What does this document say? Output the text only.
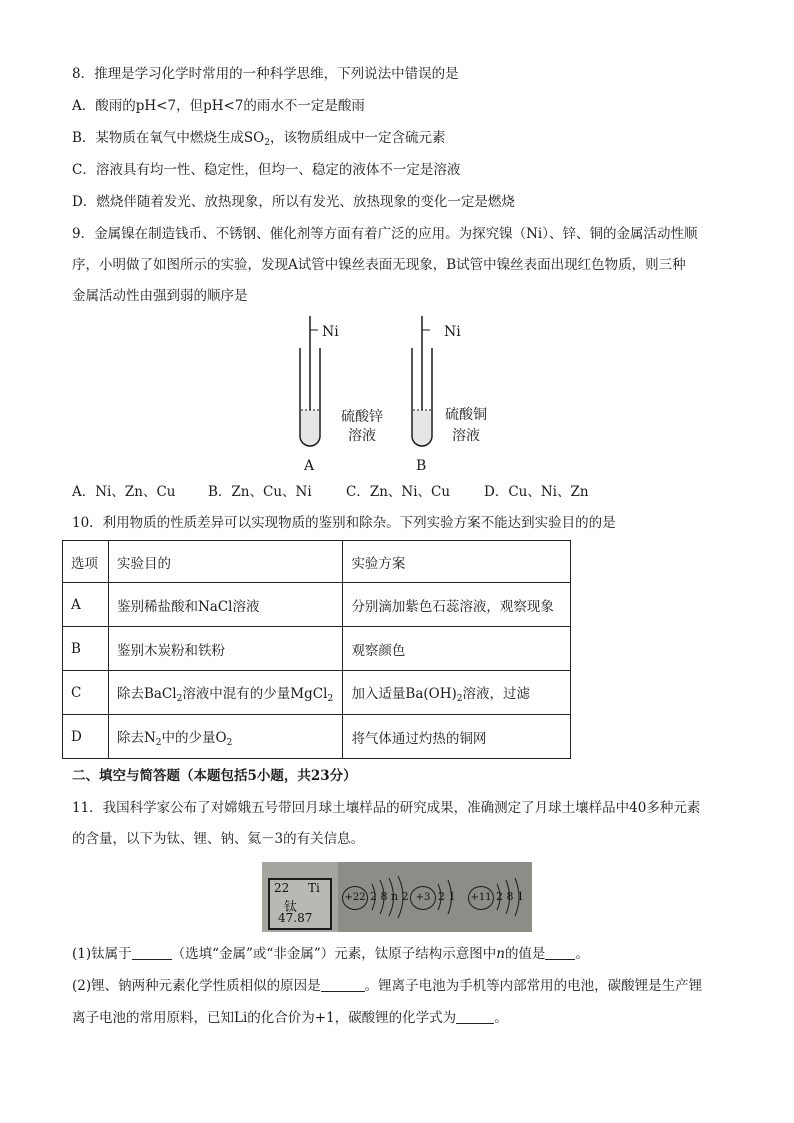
8．推理是学习化学时常用的一种科学思维，下列说法中错误的是
A．酸雨的pH<7，但pH<7的雨水不一定是酸雨
B．某物质在氧气中燃烧生成$SO_2$，该物质组成中一定含硫元素
C．溶液具有均一性、稳定性，但均一、稳定的液体不一定是溶液
D．燃烧伴随着发光、放热现象，所以有发光、放热现象的变化一定是燃烧
9．金属镍在制造钱币、不锈钢、催化剂等方面有着广泛的应用。为探究镍（Ni）、锌、铜的金属活动性顺
序，小明做了如图所示的实验，发现A试管中镍丝表面无现象，B试管中镍丝表面出现红色物质，则三种
金属活动性由强到弱的顺序是
Ni
硫酸锌
溶液
A
Ni
硫酸铜
溶液
B
A．Ni、Zn、Cu B．Zn、Cu、Ni	C．Zn、Ni、Cu	D．Cu、Ni、Zn
10．利用物质的性质差异可以实现物质的鉴别和除杂。下列实验方案不能达到实验目的的是
选项	实验目的	实验方案
A	鉴别稀盐酸和NaCl溶液	分别滴加紫色石蕊溶液，观察现象
B	鉴别木炭粉和铁粉	观察颜色
C	除去BaCl$_2$溶液中混有的少量MgCl$_2$	加入适量$Ba(OH)_2$溶液，过滤
D	除去$N_2$中的少量$O_2$	将气体通过灼热的铜网
二、填空与简答题（本题包括5小题，共23分）
11．我国科学家公布了对嫦娥五号带回月球土壤样品的研究成果，准确测定了月球土壤样品中40多种元素
的含量，以下为钛、锂、钠、氦－3的有关信息。
22 Ti
钛
47.87
+22 2 8 n 2 +3 2 1 +11 2 8 1
(1)钛属于	（选填“金属”或“非金属”）元素，钛原子结构示意图中n的值是 。
(2)锂、钠两种元素化学性质相似的原因是	。锂离子电池为手机等内部常用的电池，碳酸锂是生产锂
离子电池的常用原料，已知Li的化合价为+1，碳酸锂的化学式为	。
